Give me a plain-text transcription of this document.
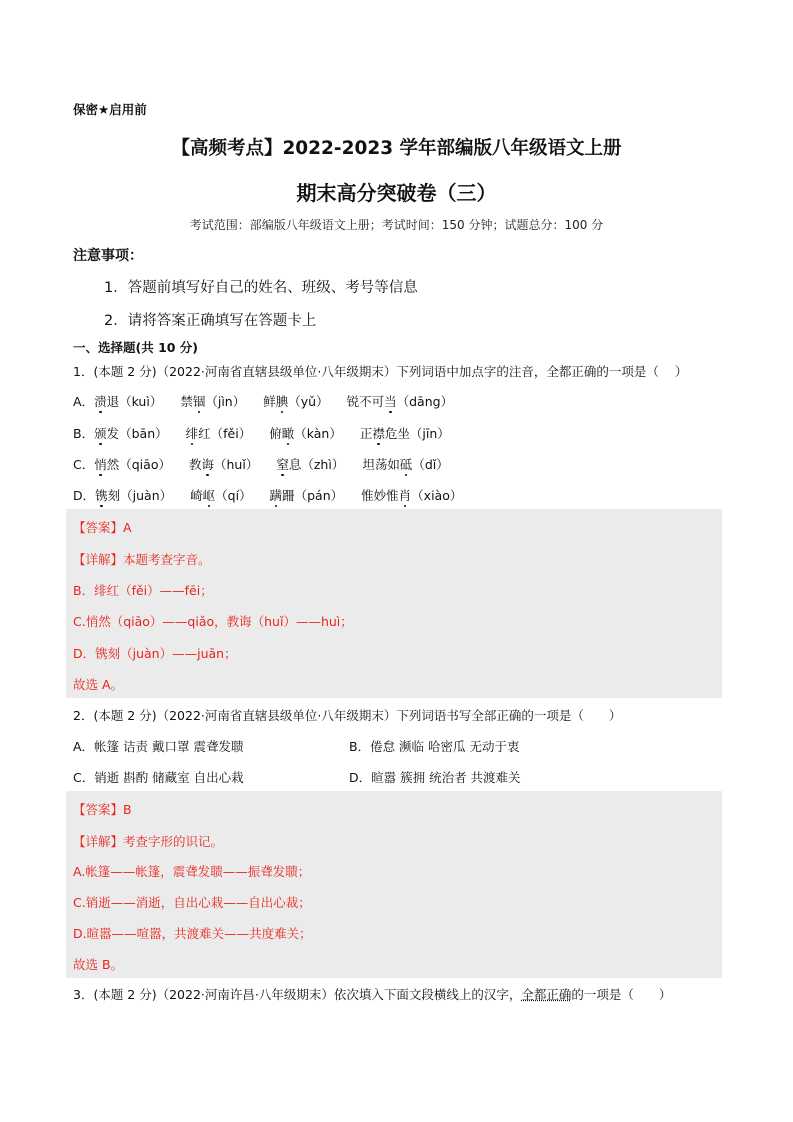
保密★启用前
【高频考点】2022-2023 学年部编版八年级语文上册
期末高分突破卷（三）
考试范围：部编版八年级语文上册；考试时间：150 分钟；试题总分：100 分
注意事项：
1．答题前填写好自己的姓名、班级、考号等信息
2．请将答案正确填写在答题卡上
一、选择题(共 10 分)
1．(本题 2 分)（2022·河南省直辖县级单位·八年级期末）下列词语中加点字的注音，全都正确的一项是（ ）
A．溃退（kuì） 禁锢（jìn） 鲜腆（yǔ） 锐不可当（dāng）
B．颁发（bān） 绯红（fěi） 俯瞰（kàn） 正襟危坐（jīn）
C．悄然（qiāo） 教诲（huǐ） 窒息（zhì） 坦荡如砥（dǐ）
D．镌刻（juàn） 崎岖（qí） 蹒跚（pán） 惟妙惟肖（xiào）
【答案】A
【详解】本题考查字音。
B．绯红（fěi）——fēi；
C.悄然（qiāo）——qiǎo，教诲（huǐ）——huì；
D．镌刻（juàn）——juān；
故选 A。
2．(本题 2 分)（2022·河南省直辖县级单位·八年级期末）下列词语书写全部正确的一项是（　　）
A．帐篷 诘责 戴口罩 震聋发聩	B．倦怠 濒临 哈密瓜 无动于衷
C．销逝 斟酌 储藏室 自出心栽	D．暄嚣 簇拥 统治者 共渡难关
【答案】B
【详解】考查字形的识记。
A.帐篷——帐篷，震聋发聩——振聋发聩；
C.销逝——消逝，自出心栽——自出心裁；
D.暄嚣——喧嚣，共渡难关——共度难关；
故选 B。
3．(本题 2 分)（2022·河南许昌·八年级期末）依次填入下面文段横线上的汉字，全都正确的一项是（　　）
